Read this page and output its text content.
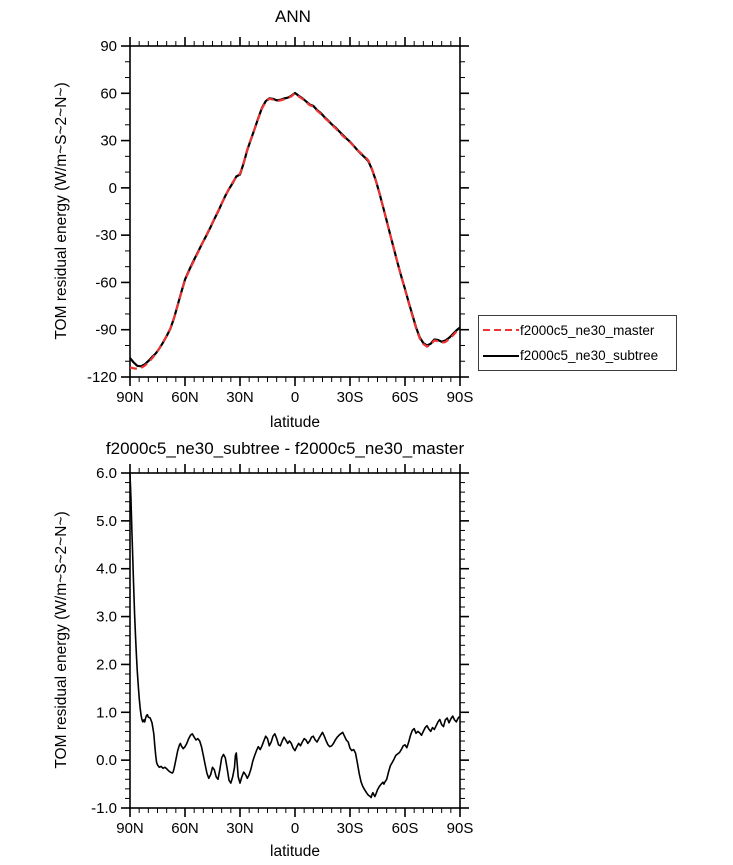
90N 60N 30N 0 30S 60S 90S
90
60
30
0
-30
-60
-90
-120
90N 60N 30N 0 30S 60S 90S
6.0
5.0
4.0
3.0
2.0
1.0
0.0
-1.0
ANN
TOM residual energy (W/m~S~2~N~)
latitude
f2000c5_ne30_master
f2000c5_ne30_subtree
f2000c5_ne30_subtree - f2000c5_ne30_master
TOM residual energy (W/m~S~2~N~)
latitude
